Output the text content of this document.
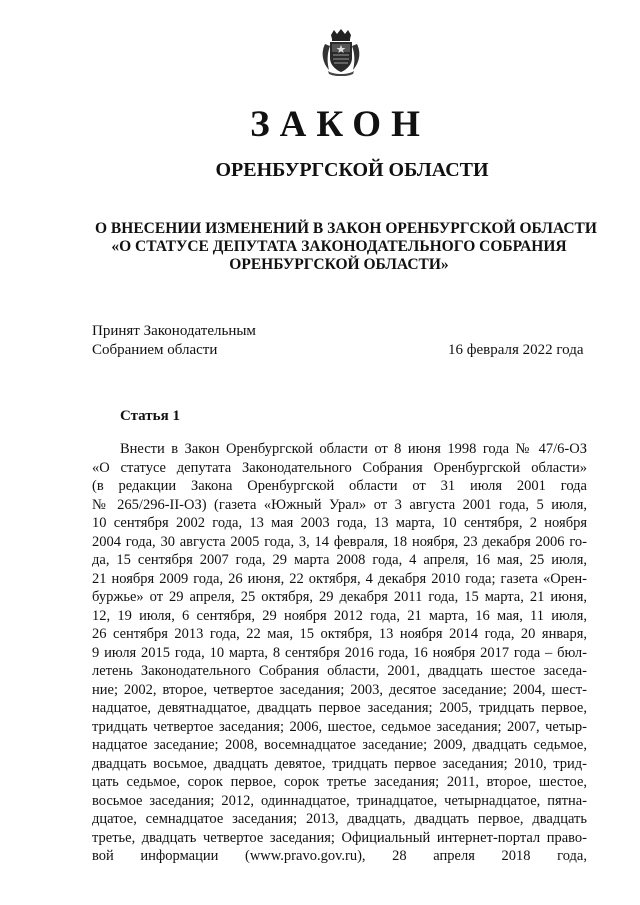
ЗАКОН
ОРЕНБУРГСКОЙ ОБЛАСТИ
О ВНЕСЕНИИ ИЗМЕНЕНИЙ В ЗАКОН ОРЕНБУРГСКОЙ ОБЛАСТИ
«О СТАТУСЕ ДЕПУТАТА ЗАКОНОДАТЕЛЬНОГО СОБРАНИЯ
ОРЕНБУРГСКОЙ ОБЛАСТИ»
Принят Законодательным
Собранием области	16 февраля 2022 года
Статья 1
Внести в Закон Оренбургской области от 8 июня 1998 года № 47/6-ОЗ
«О статусе депутата Законодательного Собрания Оренбургской области»
(в редакции Закона Оренбургской области от 31 июля 2001 года
№ 265/296-II-ОЗ) (газета «Южный Урал» от 3 августа 2001 года, 5 июля,
10 сентября 2002 года, 13 мая 2003 года, 13 марта, 10 сентября, 2 ноября
2004 года, 30 августа 2005 года, 3, 14 февраля, 18 ноября, 23 декабря 2006 го-
да, 15 сентября 2007 года, 29 марта 2008 года, 4 апреля, 16 мая, 25 июля,
21 ноября 2009 года, 26 июня, 22 октября, 4 декабря 2010 года; газета «Орен-
буржье» от 29 апреля, 25 октября, 29 декабря 2011 года, 15 марта, 21 июня,
12, 19 июля, 6 сентября, 29 ноября 2012 года, 21 марта, 16 мая, 11 июля,
26 сентября 2013 года, 22 мая, 15 октября, 13 ноября 2014 года, 20 января,
9 июля 2015 года, 10 марта, 8 сентября 2016 года, 16 ноября 2017 года – бюл-
летень Законодательного Собрания области, 2001, двадцать шестое заседа-
ние; 2002, второе, четвертое заседания; 2003, десятое заседание; 2004, шест-
надцатое, девятнадцатое, двадцать первое заседания; 2005, тридцать первое,
тридцать четвертое заседания; 2006, шестое, седьмое заседания; 2007, четыр-
надцатое заседание; 2008, восемнадцатое заседание; 2009, двадцать седьмое,
двадцать восьмое, двадцать девятое, тридцать первое заседания; 2010, трид-
цать седьмое, сорок первое, сорок третье заседания; 2011, второе, шестое,
восьмое заседания; 2012, одиннадцатое, тринадцатое, четырнадцатое, пятна-
дцатое, семнадцатое заседания; 2013, двадцать, двадцать первое, двадцать
третье, двадцать четвертое заседания; Официальный интернет-портал право-
вой информации (www.pravo.gov.ru), 28 апреля 2018 года,
